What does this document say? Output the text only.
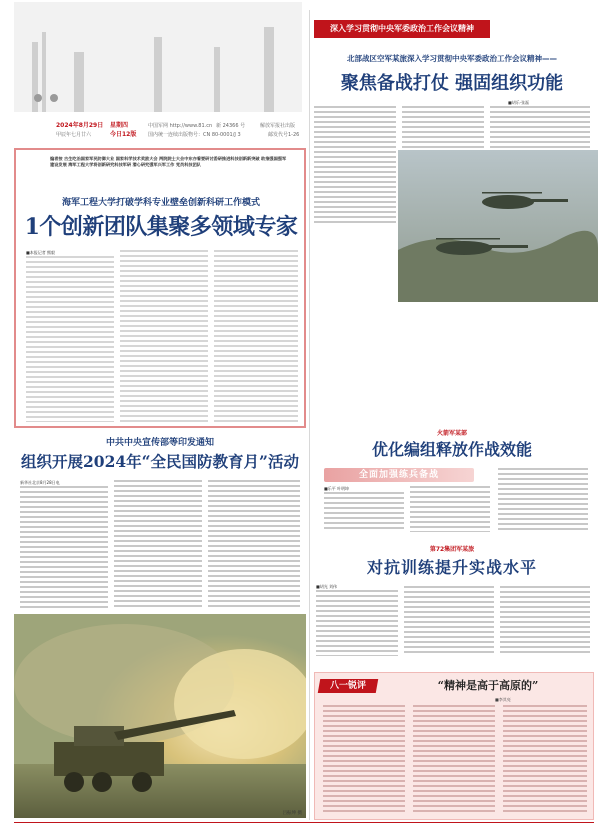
2024年8月29日 星期四
甲辰年七月廿六	今日12版
中国军网 http://www.81.cn 新 24366 号	解放军报社出版
国内统一连续出版物号：CN 80-0001/J 3	邮发代号1-26
编者按 古生吃治国家军民防御大业 国家科学技术奖励大会 两院院士大会中东亦看要研讨委研推进科技创新新突破 助推强国强军建设发展 海军工程大学将创新研究科技军研 潜心研究强军兴军工作 党员科技团队
海军工程大学打破学科专业壁垒创新科研工作模式
1个创新团队集聚多领域专家
■本报记者 熊毅
中共中央宣传部等印发通知
组织开展2024年“全民国防教育月”活动
新华社北京8月28日电
吕振坤 摄
深入学习贯彻中央军委政治工作会议精神
北部战区空军某旅深入学习贯彻中央军委政治工作会议精神——
聚焦备战打仗 强固组织功能
■胡乐·张磊
火箭军某部
优化编组释放作战效能
全面加强练兵备战
■乐平 叶明坤
第72集团军某旅
对抗训练提升实战水平
■胡光 刘伟
八一锐评	“精神是高于高原的”
■李其亮
